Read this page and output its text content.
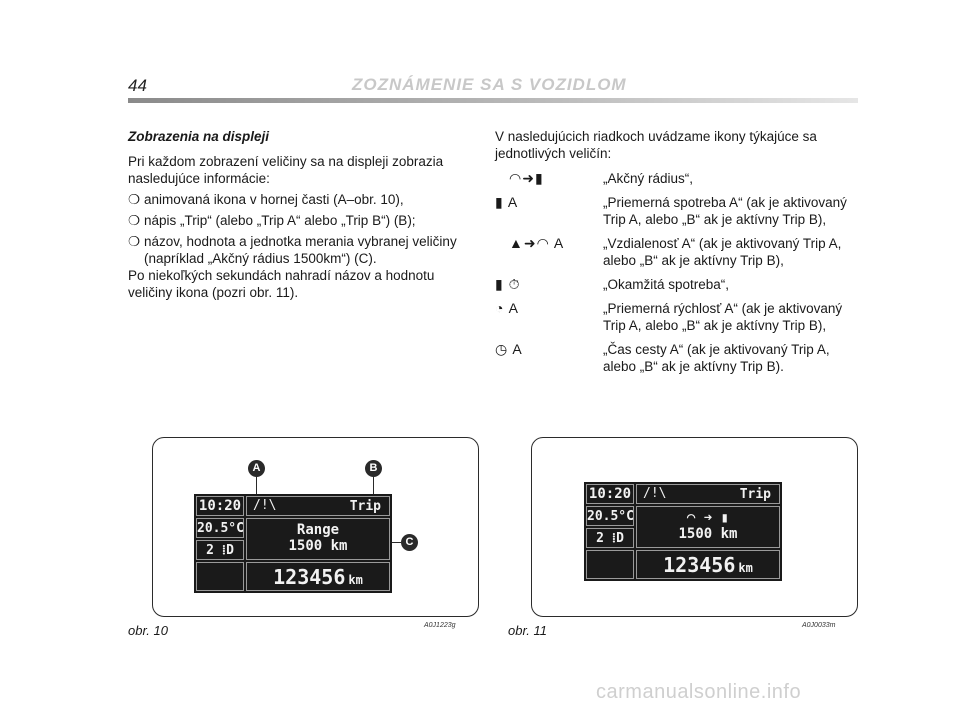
44	ZOZNÁMENIE SA S VOZIDLOM
Zobrazenia na displeji

Pri každom zobrazení veličiny sa na displeji zobrazia nasledujúce informácie:

❍ animovaná ikona v hornej časti (A–obr. 10),
❍ nápis „Trip“ (alebo „Trip A“ alebo „Trip B“) (B);
❍ názov, hodnota a jednotka merania vybranej veličiny (napríklad „Akčný rádius 1500km“) (C).

Po niekoľkých sekundách nahradí názov a hodnotu veličiny ikona (pozri obr. 11).

V nasledujúcich riadkoch uvádzame ikony týkajúce sa jednotlivých veličín:

◠➜▮	„Akčný rádius“,
▮ A	„Priemerná spotreba A“ (ak je aktivovaný Trip A, alebo „B“ ak je aktívny Trip B),
▲➜◠ A	„Vzdialenosť A“ (ak je aktivovaný Trip A, alebo „B“ ak je aktívny Trip B),
▮ ⏱	„Okamžitá spotreba“,
◔ A	„Priemerná rýchlosť A“ (ak je aktivovaný Trip A, alebo „B“ ak je aktívny Trip B),
◷ A	„Čas cesty A“ (ak je aktivovaný Trip A, alebo „B“ ak je aktívny Trip B).
A	B
C
10:20
20.5°C
2 ⁞D
/!\	Trip
Range
1500 km
123456 km
10:20
20.5°C
2 ⁞D
/!\	Trip
◠ ➜ ▮
1500 km
123456 km
obr. 10	A0J1223g	obr. 11	A0J0033m
carmanualsonline.info
